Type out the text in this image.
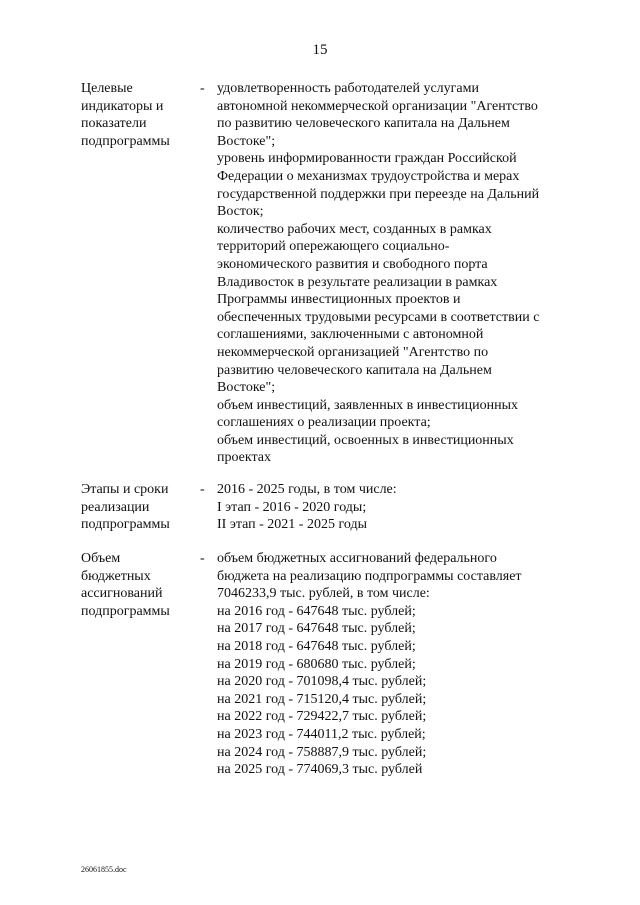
15
Целевые
индикаторы и
показатели
подпрограммы
- удовлетворенность работодателей услугами
автономной некоммерческой организации "Агентство
по развитию человеческого капитала на Дальнем
Востоке";
уровень информированности граждан Российской
Федерации о механизмах трудоустройства и мерах
государственной поддержки при переезде на Дальний
Восток;
количество рабочих мест, созданных в рамках
территорий опережающего социально-
экономического развития и свободного порта
Владивосток в результате реализации в рамках
Программы инвестиционных проектов и
обеспеченных трудовыми ресурсами в соответствии с
соглашениями, заключенными с автономной
некоммерческой организацией "Агентство по
развитию человеческого капитала на Дальнем
Востоке";
объем инвестиций, заявленных в инвестиционных
соглашениях о реализации проекта;
объем инвестиций, освоенных в инвестиционных
проектах
Этапы и сроки
реализации
подпрограммы
- 2016 - 2025 годы, в том числе:
I этап - 2016 - 2020 годы;
II этап - 2021 - 2025 годы
Объем
бюджетных
ассигнований
подпрограммы
- объем бюджетных ассигнований федерального
бюджета на реализацию подпрограммы составляет
7046233,9 тыс. рублей, в том числе:
на 2016 год - 647648 тыс. рублей;
на 2017 год - 647648 тыс. рублей;
на 2018 год - 647648 тыс. рублей;
на 2019 год - 680680 тыс. рублей;
на 2020 год - 701098,4 тыс. рублей;
на 2021 год - 715120,4 тыс. рублей;
на 2022 год - 729422,7 тыс. рублей;
на 2023 год - 744011,2 тыс. рублей;
на 2024 год - 758887,9 тыс. рублей;
на 2025 год - 774069,3 тыс. рублей
26061855.doc
